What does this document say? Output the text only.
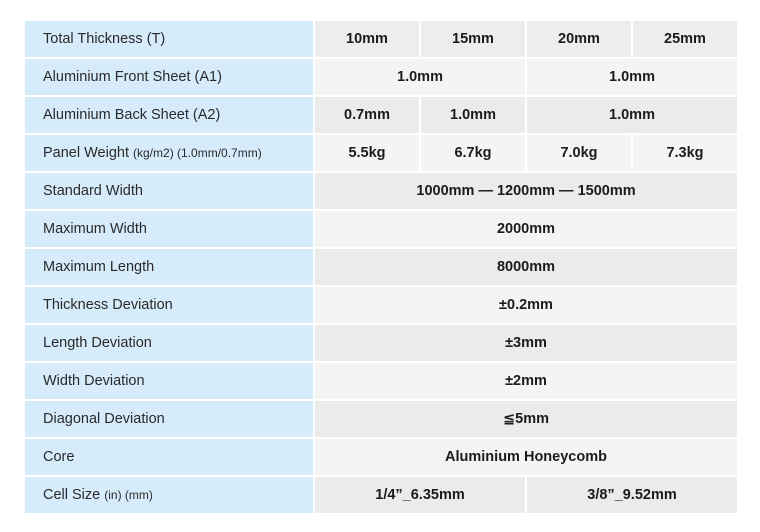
Total Thickness (T)	10mm	15mm	20mm	25mm
Aluminium Front Sheet (A1)	1.0mm		1.0mm	
Aluminium Back Sheet (A2)	0.7mm	1.0mm	1.0mm	
Panel Weight (kg/m2) (1.0mm/0.7mm)	5.5kg	6.7kg	7.0kg	7.3kg
Standard Width	1000mm — 1200mm — 1500mm			
Maximum Width	2000mm			
Maximum Length	8000mm			
Thickness Deviation	±0.2mm			
Length Deviation	±3mm			
Width Deviation	±2mm			
Diagonal Deviation	≦5mm			
Core	Aluminium Honeycomb			
Cell Size (in) (mm)	1/4”_6.35mm		3/8”_9.52mm	
